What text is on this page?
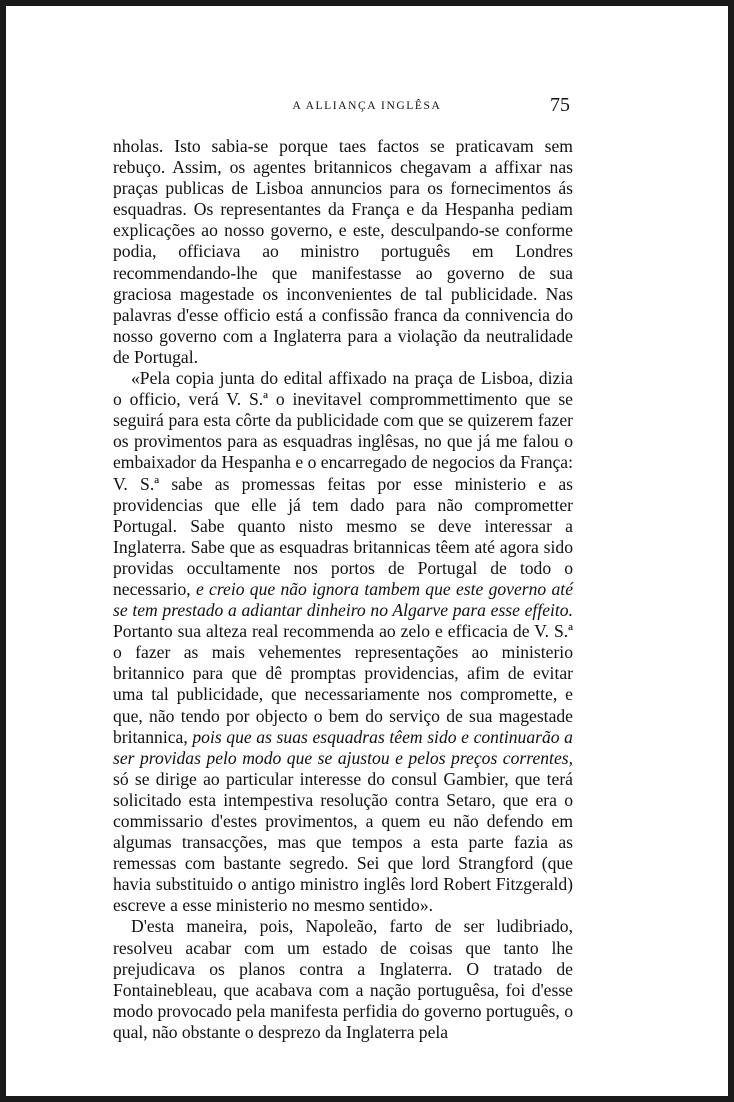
A ALLIANÇA INGLÊSA	75

nholas. Isto sabia-se porque taes factos se praticavam sem rebuço. Assim, os agentes britannicos chegavam a affixar nas praças publicas de Lisboa annuncios para os fornecimentos ás esquadras. Os representantes da França e da Hespanha pediam explicações ao nosso governo, e este, desculpando-se conforme podia, officiava ao ministro português em Londres recommendando-lhe que manifestasse ao governo de sua graciosa magestade os inconvenientes de tal publicidade. Nas palavras d'esse officio está a confissão franca da connivencia do nosso governo com a Inglaterra para a violação da neutralidade de Portugal.

«Pela copia junta do edital affixado na praça de Lisboa, dizia o officio, verá V. S.ª o inevitavel comprommettimento que se seguirá para esta côrte da publicidade com que se quizerem fazer os provimentos para as esquadras inglêsas, no que já me falou o embaixador da Hespanha e o encarregado de negocios da França: V. S.ª sabe as promessas feitas por esse ministerio e as providencias que elle já tem dado para não comprometter Portugal. Sabe quanto nisto mesmo se deve interessar a Inglaterra. Sabe que as esquadras britannicas têem até agora sido providas occultamente nos portos de Portugal de todo o necessario, e creio que não ignora tambem que este governo até se tem prestado a adiantar dinheiro no Algarve para esse effeito. Portanto sua alteza real recommenda ao zelo e efficacia de V. S.ª o fazer as mais vehementes representações ao ministerio britannico para que dê promptas providencias, afim de evitar uma tal publicidade, que necessariamente nos compromette, e que, não tendo por objecto o bem do serviço de sua magestade britannica, pois que as suas esquadras têem sido e continuarão a ser providas pelo modo que se ajustou e pelos preços correntes, só se dirige ao particular interesse do consul Gambier, que terá solicitado esta intempestiva resolução contra Setaro, que era o commissario d'estes provimentos, a quem eu não defendo em algumas transacções, mas que tempos a esta parte fazia as remessas com bastante segredo. Sei que lord Strangford (que havia substituido o antigo ministro inglês lord Robert Fitzgerald) escreve a esse ministerio no mesmo sentido».

D'esta maneira, pois, Napoleão, farto de ser ludibriado, resolveu acabar com um estado de coisas que tanto lhe prejudicava os planos contra a Inglaterra. O tratado de Fontainebleau, que acabava com a nação portuguêsa, foi d'esse modo provocado pela manifesta perfidia do governo português, o qual, não obstante o desprezo da Inglaterra pela
